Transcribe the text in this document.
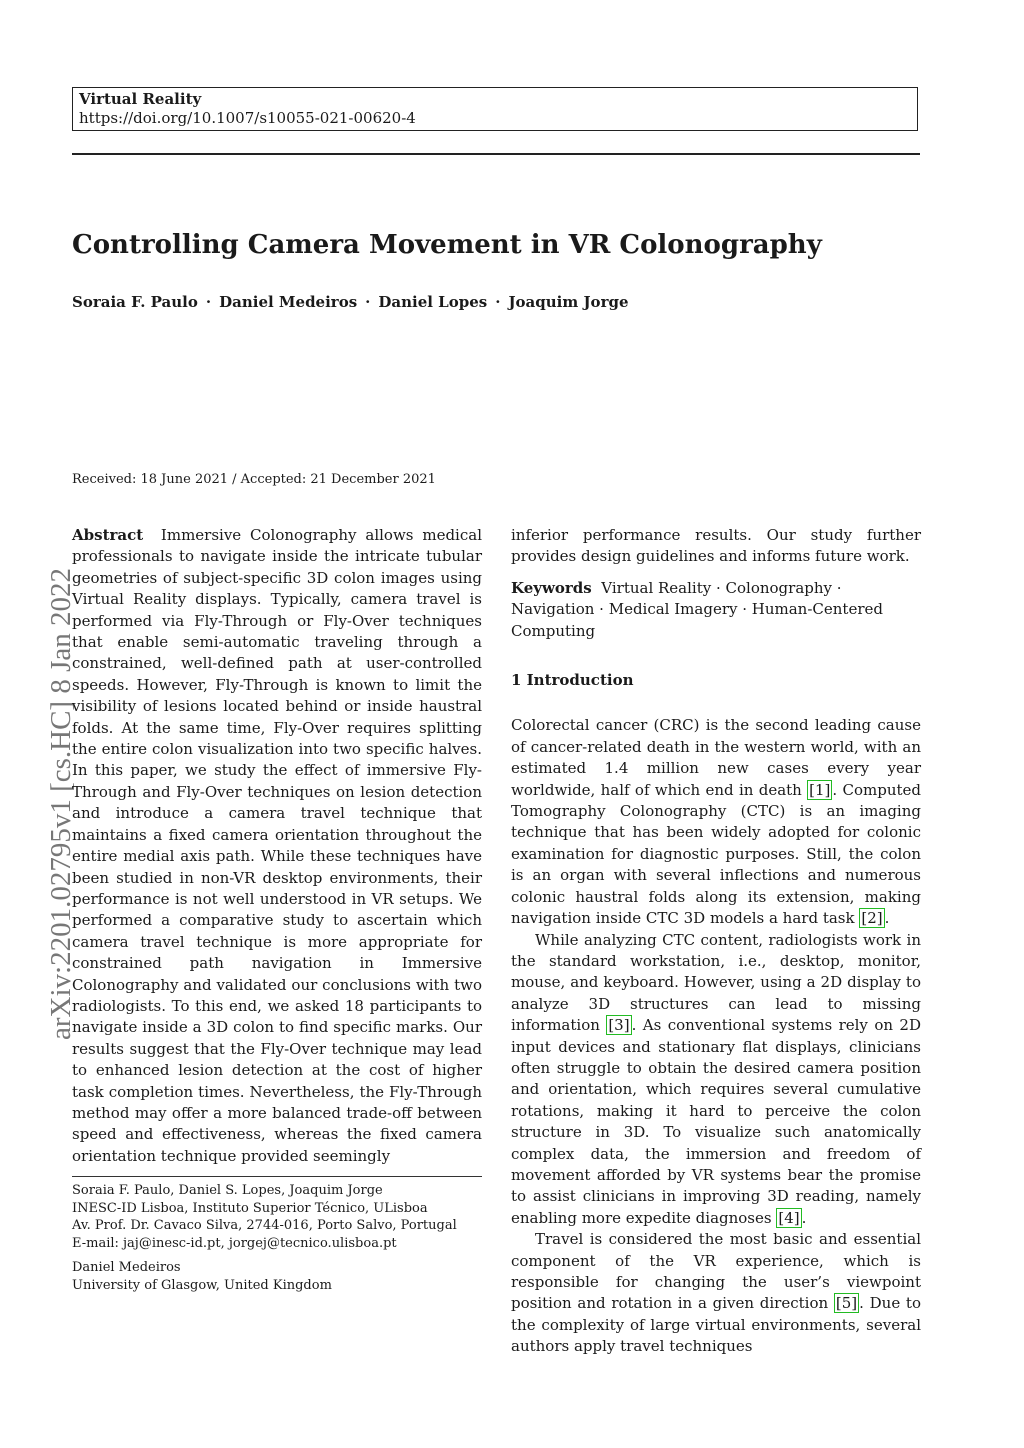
Virtual Reality
https://doi.org/10.1007/s10055-021-00620-4
Controlling Camera Movement in VR Colonography
Soraia F. Paulo · Daniel Medeiros · Daniel Lopes · Joaquim Jorge
arXiv:2201.02795v1 [cs.HC] 8 Jan 2022
Received: 18 June 2021 / Accepted: 21 December 2021

Abstract Immersive Colonography allows medical professionals to navigate inside the intricate tubular geometries of subject-specific 3D colon images using Virtual Reality displays. Typically, camera travel is performed via Fly-Through or Fly-Over techniques that enable semi-automatic traveling through a constrained, well-defined path at user-controlled speeds. However, Fly-Through is known to limit the visibility of lesions located behind or inside haustral folds. At the same time, Fly-Over requires splitting the entire colon visualization into two specific halves. In this paper, we study the effect of immersive Fly-Through and Fly-Over techniques on lesion detection and introduce a camera travel technique that maintains a fixed camera orientation throughout the entire medial axis path. While these techniques have been studied in non-VR desktop environments, their performance is not well understood in VR setups. We performed a comparative study to ascertain which camera travel technique is more appropriate for constrained path navigation in Immersive Colonography and validated our conclusions with two radiologists. To this end, we asked 18 participants to navigate inside a 3D colon to find specific marks. Our results suggest that the Fly-Over technique may lead to enhanced lesion detection at the cost of higher task completion times. Nevertheless, the Fly-Through method may offer a more balanced trade-off between speed and effectiveness, whereas the fixed camera orientation technique provided seemingly

Soraia F. Paulo, Daniel S. Lopes, Joaquim Jorge
INESC-ID Lisboa, Instituto Superior Técnico, ULisboa
Av. Prof. Dr. Cavaco Silva, 2744-016, Porto Salvo, Portugal
E-mail: jaj@inesc-id.pt, jorgej@tecnico.ulisboa.pt
Daniel Medeiros
University of Glasgow, United Kingdom

inferior performance results. Our study further provides design guidelines and informs future work.

Keywords Virtual Reality · Colonography · Navigation · Medical Imagery · Human-Centered Computing

1 Introduction

Colorectal cancer (CRC) is the second leading cause of cancer-related death in the western world, with an estimated 1.4 million new cases every year worldwide, half of which end in death [1] . Computed Tomography Colonography (CTC) is an imaging technique that has been widely adopted for colonic examination for diagnostic purposes. Still, the colon is an organ with several inflections and numerous colonic haustral folds along its extension, making navigation inside CTC 3D models a hard task [2] .

While analyzing CTC content, radiologists work in the standard workstation, i.e., desktop, monitor, mouse, and keyboard. However, using a 2D display to analyze 3D structures can lead to missing information [3] . As conventional systems rely on 2D input devices and stationary flat displays, clinicians often struggle to obtain the desired camera position and orientation, which requires several cumulative rotations, making it hard to perceive the colon structure in 3D. To visualize such anatomically complex data, the immersion and freedom of movement afforded by VR systems bear the promise to assist clinicians in improving 3D reading, namely enabling more expedite diagnoses [4] .

Travel is considered the most basic and essential component of the VR experience, which is responsible for changing the user’s viewpoint position and rotation in a given direction [5] . Due to the complexity of large virtual environments, several authors apply travel techniques
